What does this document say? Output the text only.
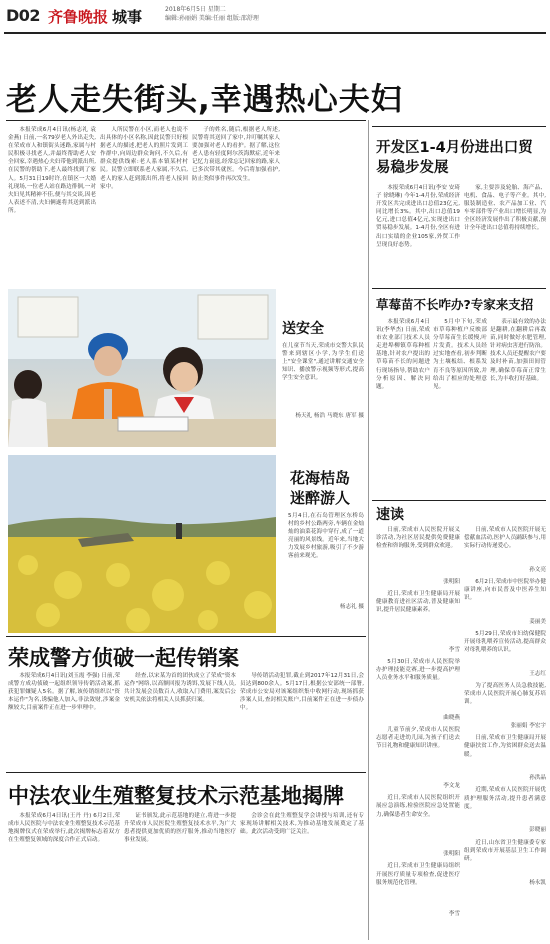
D02 齐鲁晚报 城事	2018年6月5日 星期二
编辑:孙丽娟 美编:任丽 组版:邵舒理
老人走失街头,幸遇热心夫妇
本报荣成6月4日讯(杨志礼 袁金燕) 日前,一名79岁老人外出走失,在荣成市人和镇街头迷路,家属与村民积极寻找老人,并最终帮助老人安全回家,幸遇热心夫妇带他到派出所,在民警的帮助下,老人最终找到了家人。5月31日19时许,在镇区一大婚礼现场,一位老人站在路边徘徊,一对夫妇见其精神不佳,便与其交谈,因老人表述不清,夫妇俩遂将其送到派出所。
人所民警在小区,而老人也说不出具体的小区名称,因此民警只好根据老人的描述,把老人的照片发到工作群中,向周边群众询问,不久后,有群众提供线索:老人系本镇某村村民。民警立即联系老人家属,不久后,老人的家人赶到派出所,将老人接回家中。
子的姓名,随后,根据老人所述,民警将其送回了家中,并叮嘱其家人要加强对老人的看护。据了解,这位老人患有轻度阿尔茨海默症,近年来记忆力衰退,经常忘记回家的路,家人已多次带其就医。今后将加强看护,防止类似事件再次发生。
送安全
在儿童节当天,荣成市交警大队民警来到辖区小学,为学生们送上"安全课堂",通过讲解交通安全知识、播放警示视频等形式,提高学生安全意识。
杨天礼 杨浩 马晓东 唐军 摄
花海桔岛迷醉游人
5月4日,在石岛管理区东桥岛村的乡村公路两旁,车辆在金灿灿的油菜花海中穿行,成了一道亮丽的风景线。近年来,当地大力发展乡村旅游,吸引了不少游客前来观光。
杨志礼 摄
荣成警方侦破一起传销案
本报荣成6月4日讯(刘玉霞 李强) 日前,荣成警方成功侦破一起组织领导传销活动案,抓获犯罪嫌疑人5名。据了解,该传销组织以"资本运作"为名,诱骗他人加入,非法敛财,涉案金额较大,目前案件正在进一步审理中。
经查,以宋某为首的团伙成立了荣成"资本运作"网络,以高额回报为诱饵,发展下线人员,共计发展会员数百人,收取入门费用,案发后公安机关依法将相关人员抓获归案。
导传销活动犯罪,截止到2017年12月31日,会员达到800余人。5月17日,根据公安部统一部署,荣成市公安局对该案组织集中收网行动,现场抓获涉案人员,查封相关账户,目前案件正在进一步侦办中。
中法农业生殖整复技术示范基地揭牌
本报荣成6月4日讯(王丹 丹) 6月2日,荣成市人民医院与中法农业生殖整复技术示范基地揭牌仪式在荣成举行,此次揭牌标志着双方在生殖整复领域的深度合作正式启动。
证书颁发,此示范基地的建立,将进一步提升荣成市人民医院生殖整复技术水平,为广大患者提供更加优质的医疗服务,推动当地医疗事业发展。
会诊会在此生殖整复学会讲授与培训,还有专家现场讲解相关技术,为推动基地发展奠定了基础。此次活动受到广泛关注。
开发区1-4月份进出口贸易稳步发展
本报荣成6月4日讯(李安 安琦子 徐晓琳) 今年1-4月份,荣成经济开发区共完成进出口总值23亿元,同比增长3%。其中,出口总值19亿元,进口总值4亿元,实现进出口贸易稳步发展。1-4月份,全区有进出口实绩的企业105家,外贸工作呈现良好态势。
家,主要涉及轮胎、海产品、电机、食品、电子等产业。其中,服装制造业、农产品加工业、汽车零部件等产业出口增长明显,为全区经济发展作出了积极贡献,预计全年进出口总值将持续增长。
草莓苗不长咋办?专家来支招
本报荣成6月4日讯(李华杰) 日前,荣成市农业部门技术人员走进埠柳镇草莓种植基地,针对农户提出的草莓苗不长的问题进行现场指导,帮助农户分析原因、解决问题。
5月中下旬,荣成市草莓种植户反映部分草莓苗生长缓慢,叶片发黄。技术人员经过实地查看,初步判断为土壤板结、根系发育不良等原因所致,并给出了相应的处理意见。
表示最有效的办法是翻耕,在翻耕后再栽苗,同时做好水肥管理,针对病虫害进行防治。技术人员还提醒农户要及时补苗,加强田间管理,确保草莓苗正常生长,为丰收打好基础。
速读
日前,荣成市人民医院开展义诊活动,为社区居民提供免费健康检查和咨询服务,受到群众欢迎。
张明阳
近日,荣成市卫生健康局开展健康教育进社区活动,普及健康知识,提升居民健康素养。
李雪
5月30日,荣成市人民医院举办护理技能竞赛,进一步提高护理人员业务水平和服务质量。
曲晓燕
儿童节前夕,荣成市人民医院志愿者走进幼儿园,为孩子们送去节日礼物和健康知识讲座。
李文龙
近日,荣成市人民医院组织开展应急演练,检验医院应急处置能力,确保患者生命安全。
张明阳
近日,荣成市卫生健康局组织开展医疗质量专项检查,促进医疗服务规范化管理。
李雪
日前,荣成市人民医院开展无偿献血活动,医护人员踊跃参与,用实际行动传递爱心。
孙文亮
6月2日,荣成市中医院举办健康讲座,向市民普及中医养生知识。
姜丽美
5月29日,荣成市妇幼保健院开展母乳喂养宣传活动,提高群众对母乳喂养的认识。
王志红
为了提高医务人员急救技能,荣成市人民医院开展心肺复苏培训。
张丽娟 李宏宇
日前,荣成市卫生健康局开展健康扶贫工作,为贫困群众送去温暖。
孙洪晶
近期,荣成市人民医院开展优质护理服务活动,提升患者满意度。
彭晓丽
近日,山东省卫生健康委专家组到荣成市开展基层卫生工作调研。
杨永凯
